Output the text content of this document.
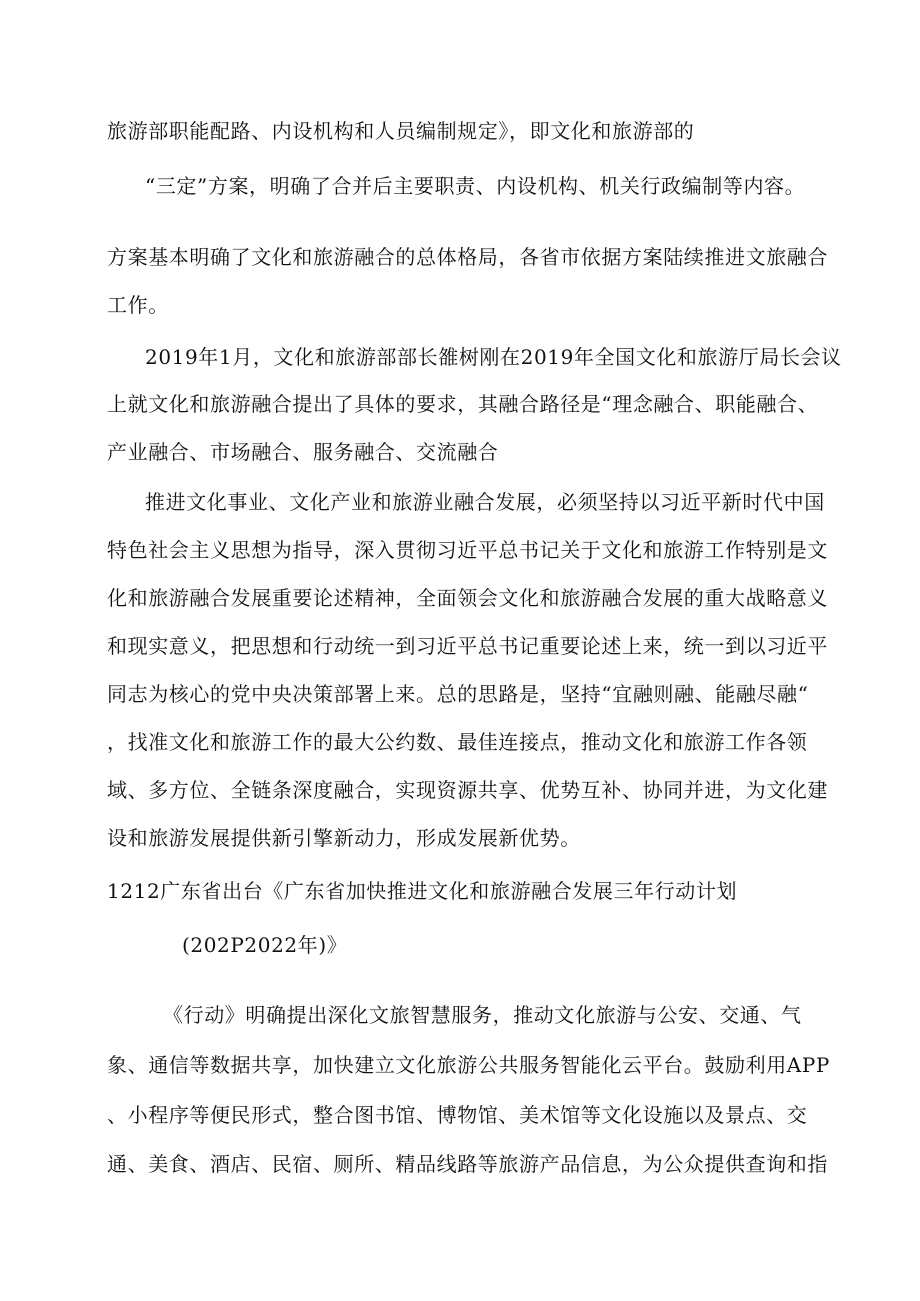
旅游部职能配路、内设机构和人员编制规定》，即文化和旅游部的
“三定”方案，明确了合并后主要职责、内设机构、机关行政编制等内容。
方案基本明确了文化和旅游融合的总体格局，各省市依据方案陆续推进文旅融合
工作。
2019年1月，文化和旅游部部长雒树刚在2019年全国文化和旅游厅局长会议
上就文化和旅游融合提出了具体的要求，其融合路径是“理念融合、职能融合、
产业融合、市场融合、服务融合、交流融合
推进文化事业、文化产业和旅游业融合发展，必须坚持以习近平新时代中国
特色社会主义思想为指导，深入贯彻习近平总书记关于文化和旅游工作特别是文
化和旅游融合发展重要论述精神，全面领会文化和旅游融合发展的重大战略意义
和现实意义，把思想和行动统一到习近平总书记重要论述上来，统一到以习近平
同志为核心的党中央决策部署上来。总的思路是，坚持“宜融则融、能融尽融“
，找准文化和旅游工作的最大公约数、最佳连接点，推动文化和旅游工作各领
域、多方位、全链条深度融合，实现资源共享、优势互补、协同并进，为文化建
设和旅游发展提供新引擎新动力，形成发展新优势。
1212广东省出台《广东省加快推进文化和旅游融合发展三年行动计划
(202P2022年)》
《行动》明确提出深化文旅智慧服务，推动文化旅游与公安、交通、气
象、通信等数据共享，加快建立文化旅游公共服务智能化云平台。鼓励利用APP
、小程序等便民形式，整合图书馆、博物馆、美术馆等文化设施以及景点、交
通、美食、酒店、民宿、厕所、精品线路等旅游产品信息，为公众提供查询和指
